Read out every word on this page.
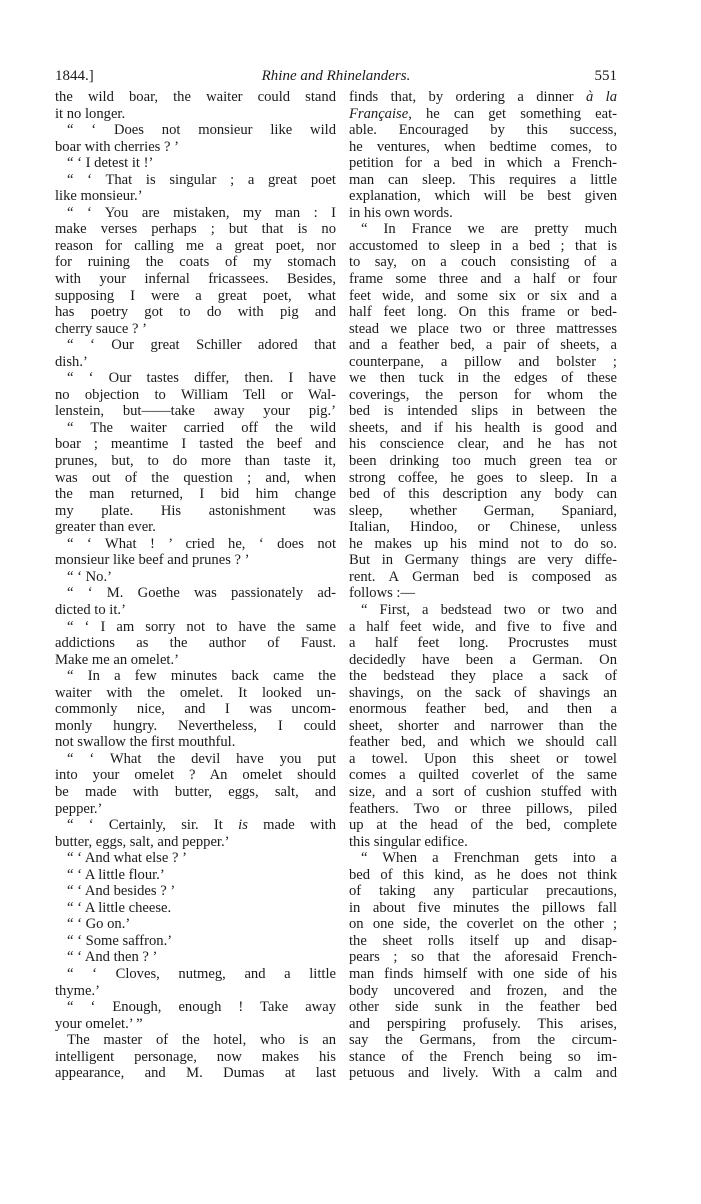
1844.]	Rhine and Rhinelanders.	551
the wild boar, the waiter could stand
it no longer.
“ ‘ Does not monsieur like wild
boar with cherries ? ’
“ ‘ I detest it !’
“ ‘ That is singular ; a great poet
like monsieur.’
“ ‘ You are mistaken, my man : I
make verses perhaps ; but that is no
reason for calling me a great poet, nor
for ruining the coats of my stomach
with your infernal fricassees. Besides,
supposing I were a great poet, what
has poetry got to do with pig and
cherry sauce ? ’
“ ‘ Our great Schiller adored that
dish.’
“ ‘ Our tastes differ, then. I have
no objection to William Tell or Wal-
lenstein, but——take away your pig.’
“ The waiter carried off the wild
boar ; meantime I tasted the beef and
prunes, but, to do more than taste it,
was out of the question ; and, when
the man returned, I bid him change
my plate. His astonishment was
greater than ever.
“ ‘ What ! ’ cried he, ‘ does not
monsieur like beef and prunes ? ’
“ ‘ No.’
“ ‘ M. Goethe was passionately ad-
dicted to it.’
“ ‘ I am sorry not to have the same
addictions as the author of Faust.
Make me an omelet.’
“ In a few minutes back came the
waiter with the omelet. It looked un-
commonly nice, and I was uncom-
monly hungry. Nevertheless, I could
not swallow the first mouthful.
“ ‘ What the devil have you put
into your omelet ? An omelet should
be made with butter, eggs, salt, and
pepper.’
“ ‘ Certainly, sir. It is made with
butter, eggs, salt, and pepper.’
“ ‘ And what else ? ’
“ ‘ A little flour.’
“ ‘ And besides ? ’
“ ‘ A little cheese.
“ ‘ Go on.’
“ ‘ Some saffron.’
“ ‘ And then ? ’
“ ‘ Cloves, nutmeg, and a little
thyme.’
“ ‘ Enough, enough ! Take away
your omelet.’ ”
The master of the hotel, who is an
intelligent personage, now makes his
appearance, and M. Dumas at last
finds that, by ordering a dinner à la
Française, he can get something eat-
able. Encouraged by this success,
he ventures, when bedtime comes, to
petition for a bed in which a French-
man can sleep. This requires a little
explanation, which will be best given
in his own words.
“ In France we are pretty much
accustomed to sleep in a bed ; that is
to say, on a couch consisting of a
frame some three and a half or four
feet wide, and some six or six and a
half feet long. On this frame or bed-
stead we place two or three mattresses
and a feather bed, a pair of sheets, a
counterpane, a pillow and bolster ;
we then tuck in the edges of these
coverings, the person for whom the
bed is intended slips in between the
sheets, and if his health is good and
his conscience clear, and he has not
been drinking too much green tea or
strong coffee, he goes to sleep. In a
bed of this description any body can
sleep, whether German, Spaniard,
Italian, Hindoo, or Chinese, unless
he makes up his mind not to do so.
But in Germany things are very diffe-
rent. A German bed is composed as
follows :—
“ First, a bedstead two or two and
a half feet wide, and five to five and
a half feet long. Procrustes must
decidedly have been a German. On
the bedstead they place a sack of
shavings, on the sack of shavings an
enormous feather bed, and then a
sheet, shorter and narrower than the
feather bed, and which we should call
a towel. Upon this sheet or towel
comes a quilted coverlet of the same
size, and a sort of cushion stuffed with
feathers. Two or three pillows, piled
up at the head of the bed, complete
this singular edifice.
“ When a Frenchman gets into a
bed of this kind, as he does not think
of taking any particular precautions,
in about five minutes the pillows fall
on one side, the coverlet on the other ;
the sheet rolls itself up and disap-
pears ; so that the aforesaid French-
man finds himself with one side of his
body uncovered and frozen, and the
other side sunk in the feather bed
and perspiring profusely. This arises,
say the Germans, from the circum-
stance of the French being so im-
petuous and lively. With a calm and
